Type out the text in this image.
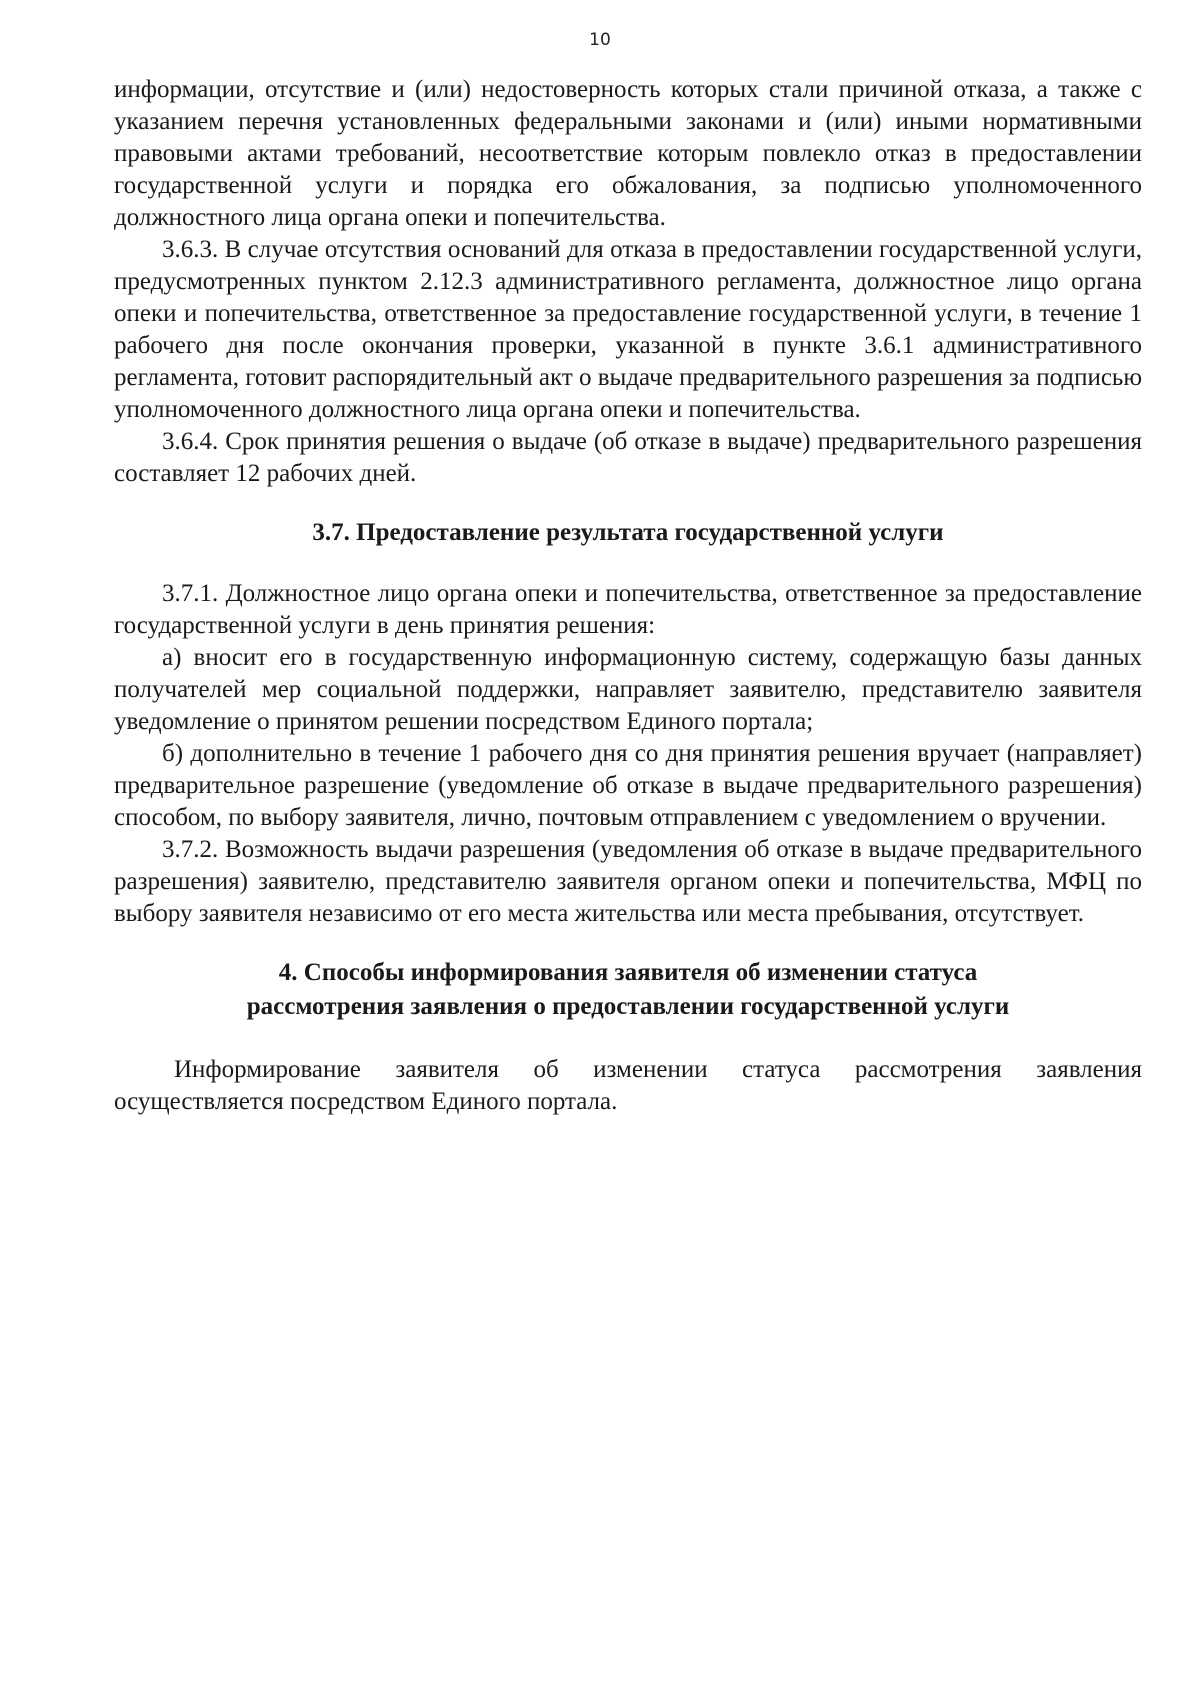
10

информации, отсутствие и (или) недостоверность которых стали причиной отказа, а также с указанием перечня установленных федеральными законами и (или) иными нормативными правовыми актами требований, несоответствие которым повлекло отказ в предоставлении государственной услуги и порядка его обжалования, за подписью уполномоченного должностного лица органа опеки и попечительства.

3.6.3. В случае отсутствия оснований для отказа в предоставлении государственной услуги, предусмотренных пунктом 2.12.3 административного регламента, должностное лицо органа опеки и попечительства, ответственное за предоставление государственной услуги, в течение 1 рабочего дня после окончания проверки, указанной в пункте 3.6.1 административного регламента, готовит распорядительный акт о выдаче предварительного разрешения за подписью уполномоченного должностного лица органа опеки и попечительства.

3.6.4. Срок принятия решения о выдаче (об отказе в выдаче) предварительного разрешения составляет 12 рабочих дней.

3.7. Предоставление результата государственной услуги

3.7.1. Должностное лицо органа опеки и попечительства, ответственное за предоставление государственной услуги в день принятия решения:

а) вносит его в государственную информационную систему, содержащую базы данных получателей мер социальной поддержки, направляет заявителю, представителю заявителя уведомление о принятом решении посредством Единого портала;

б) дополнительно в течение 1 рабочего дня со дня принятия решения вручает (направляет) предварительное разрешение (уведомление об отказе в выдаче предварительного разрешения) способом, по выбору заявителя, лично, почтовым отправлением с уведомлением о вручении.

3.7.2. Возможность выдачи разрешения (уведомления об отказе в выдаче предварительного разрешения) заявителю, представителю заявителя органом опеки и попечительства, МФЦ по выбору заявителя независимо от его места жительства или места пребывания, отсутствует.

4. Способы информирования заявителя об изменении статуса
рассмотрения заявления о предоставлении государственной услуги

Информирование заявителя об изменении статуса рассмотрения заявления осуществляется посредством Единого портала.
